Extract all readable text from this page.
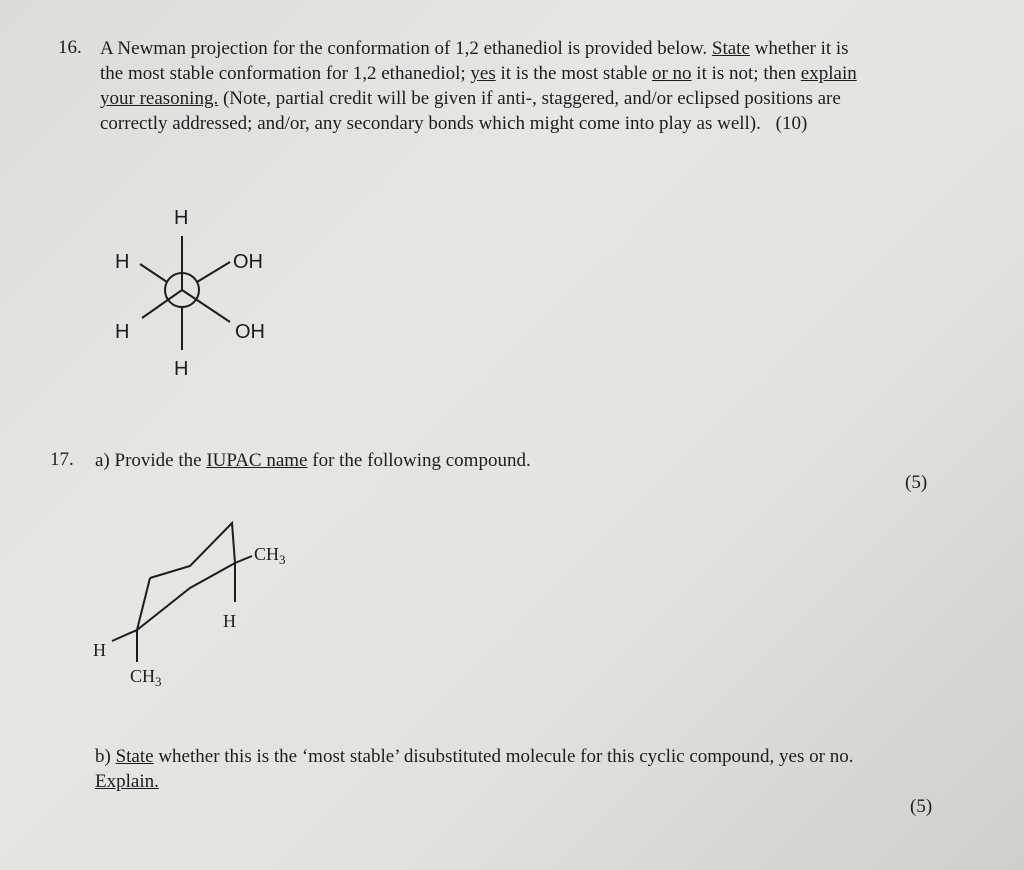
16. A Newman projection for the conformation of 1,2 ethanediol is provided below. State whether it is
the most stable conformation for 1,2 ethanediol; yes it is the most stable or no it is not; then explain
your reasoning. (Note, partial credit will be given if anti-, staggered, and/or eclipsed positions are
correctly addressed; and/or, any secondary bonds which might come into play as well). (10)
H
H	OH
H	OH
H
$CH_3$
H
H
$CH_3$
17. a) Provide the IUPAC name for the following compound.
(5)
b) State whether this is the ‘most stable’ disubstituted molecule for this cyclic compound, yes or no.
Explain.
(5)
